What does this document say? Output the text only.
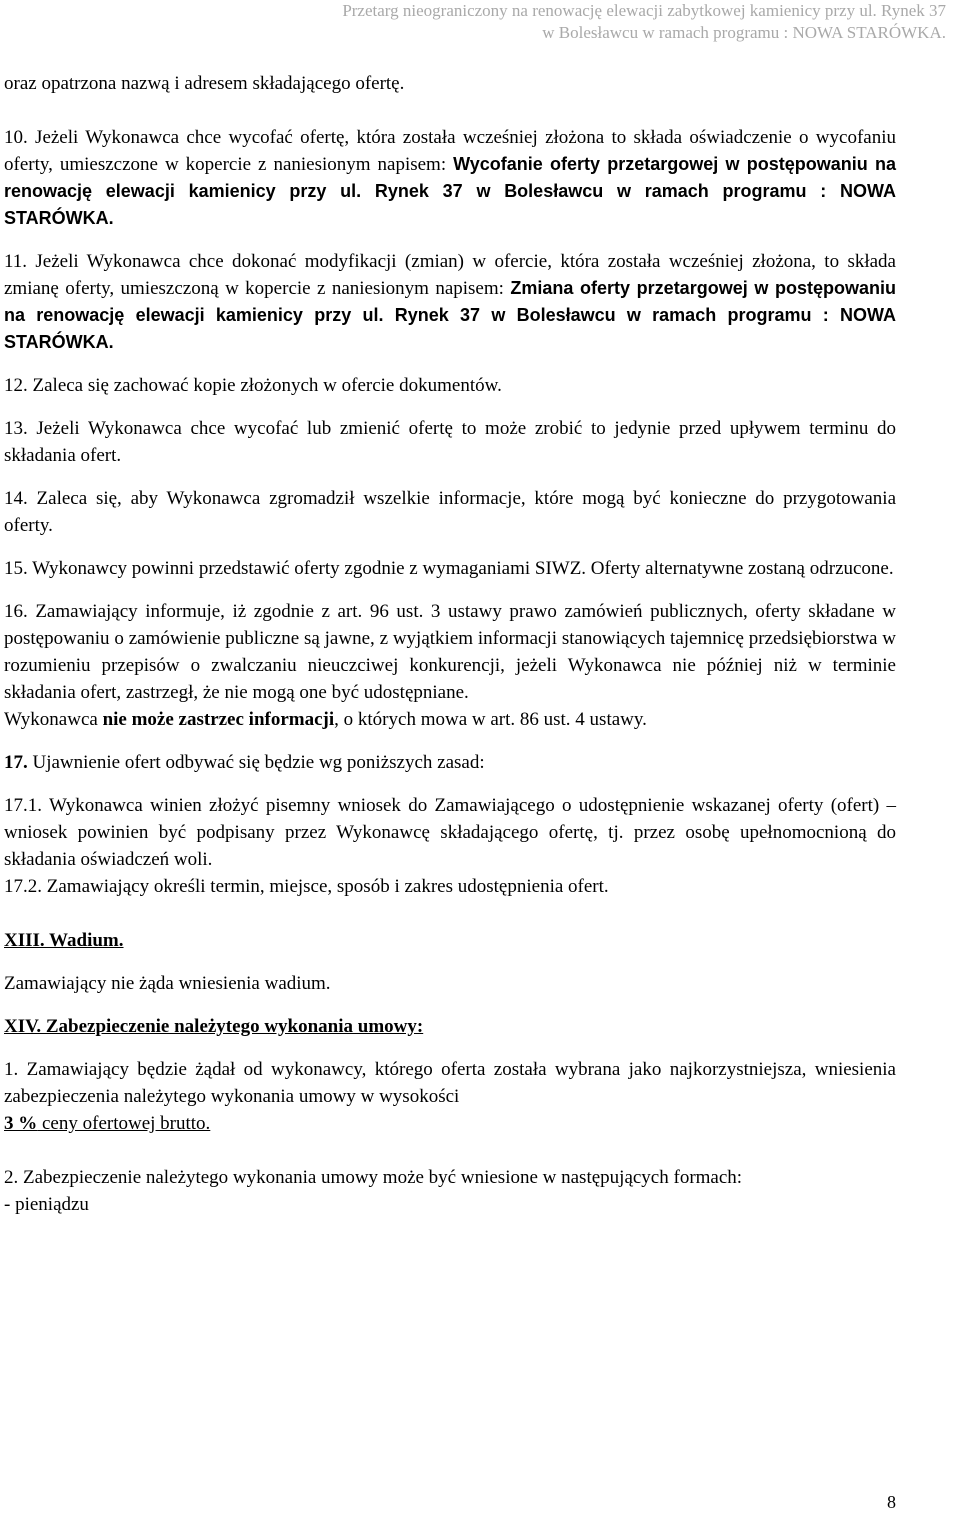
Przetarg nieograniczony na renowację elewacji zabytkowej kamienicy przy ul. Rynek 37
w Bolesławcu w ramach programu : NOWA STARÓWKA.

oraz opatrzona nazwą i adresem składającego ofertę.

10. Jeżeli Wykonawca chce wycofać ofertę, która została wcześniej złożona to składa oświadczenie o wycofaniu oferty, umieszczone w kopercie z naniesionym napisem: Wycofanie oferty przetargowej w postępowaniu na renowację elewacji kamienicy przy ul. Rynek 37 w Bolesławcu w ramach programu : NOWA STARÓWKA.

11. Jeżeli Wykonawca chce dokonać modyfikacji (zmian) w ofercie, która została wcześniej złożona, to składa zmianę oferty, umieszczoną w kopercie z naniesionym napisem: Zmiana oferty przetargowej w postępowaniu na renowację elewacji kamienicy przy ul. Rynek 37 w Bolesławcu w ramach programu : NOWA STARÓWKA.

12. Zaleca się zachować kopie złożonych w ofercie dokumentów.

13. Jeżeli Wykonawca chce wycofać lub zmienić ofertę to może zrobić to jedynie przed upływem terminu do składania ofert.

14. Zaleca się, aby Wykonawca zgromadził wszelkie informacje, które mogą być konieczne do przygotowania oferty.

15. Wykonawcy powinni przedstawić oferty zgodnie z wymaganiami SIWZ. Oferty alternatywne zostaną odrzucone.

16. Zamawiający informuje, iż zgodnie z art. 96 ust. 3 ustawy prawo zamówień publicznych, oferty składane w postępowaniu o zamówienie publiczne są jawne, z wyjątkiem informacji stanowiących tajemnicę przedsiębiorstwa w rozumieniu przepisów o zwalczaniu nieuczciwej konkurencji, jeżeli Wykonawca nie później niż w terminie składania ofert, zastrzegł, że nie mogą one być udostępniane.

Wykonawca nie może zastrzec informacji, o których mowa w art. 86 ust. 4 ustawy.

17. Ujawnienie ofert odbywać się będzie wg poniższych zasad:

17.1. Wykonawca winien złożyć pisemny wniosek do Zamawiającego o udostępnienie wskazanej oferty (ofert) – wniosek powinien być podpisany przez Wykonawcę składającego ofertę, tj. przez osobę upełnomocnioną do składania oświadczeń woli.

17.2. Zamawiający określi termin, miejsce, sposób i zakres udostępnienia ofert.

XIII. Wadium.

Zamawiający nie żąda wniesienia wadium.

XIV. Zabezpieczenie należytego wykonania umowy:

1. Zamawiający będzie żądał od wykonawcy, którego oferta została wybrana jako najkorzystniejsza, wniesienia zabezpieczenia należytego wykonania umowy w wysokości

3 % ceny ofertowej brutto.

2. Zabezpieczenie należytego wykonania umowy może być wniesione w następujących formach:

- pieniądzu

8
